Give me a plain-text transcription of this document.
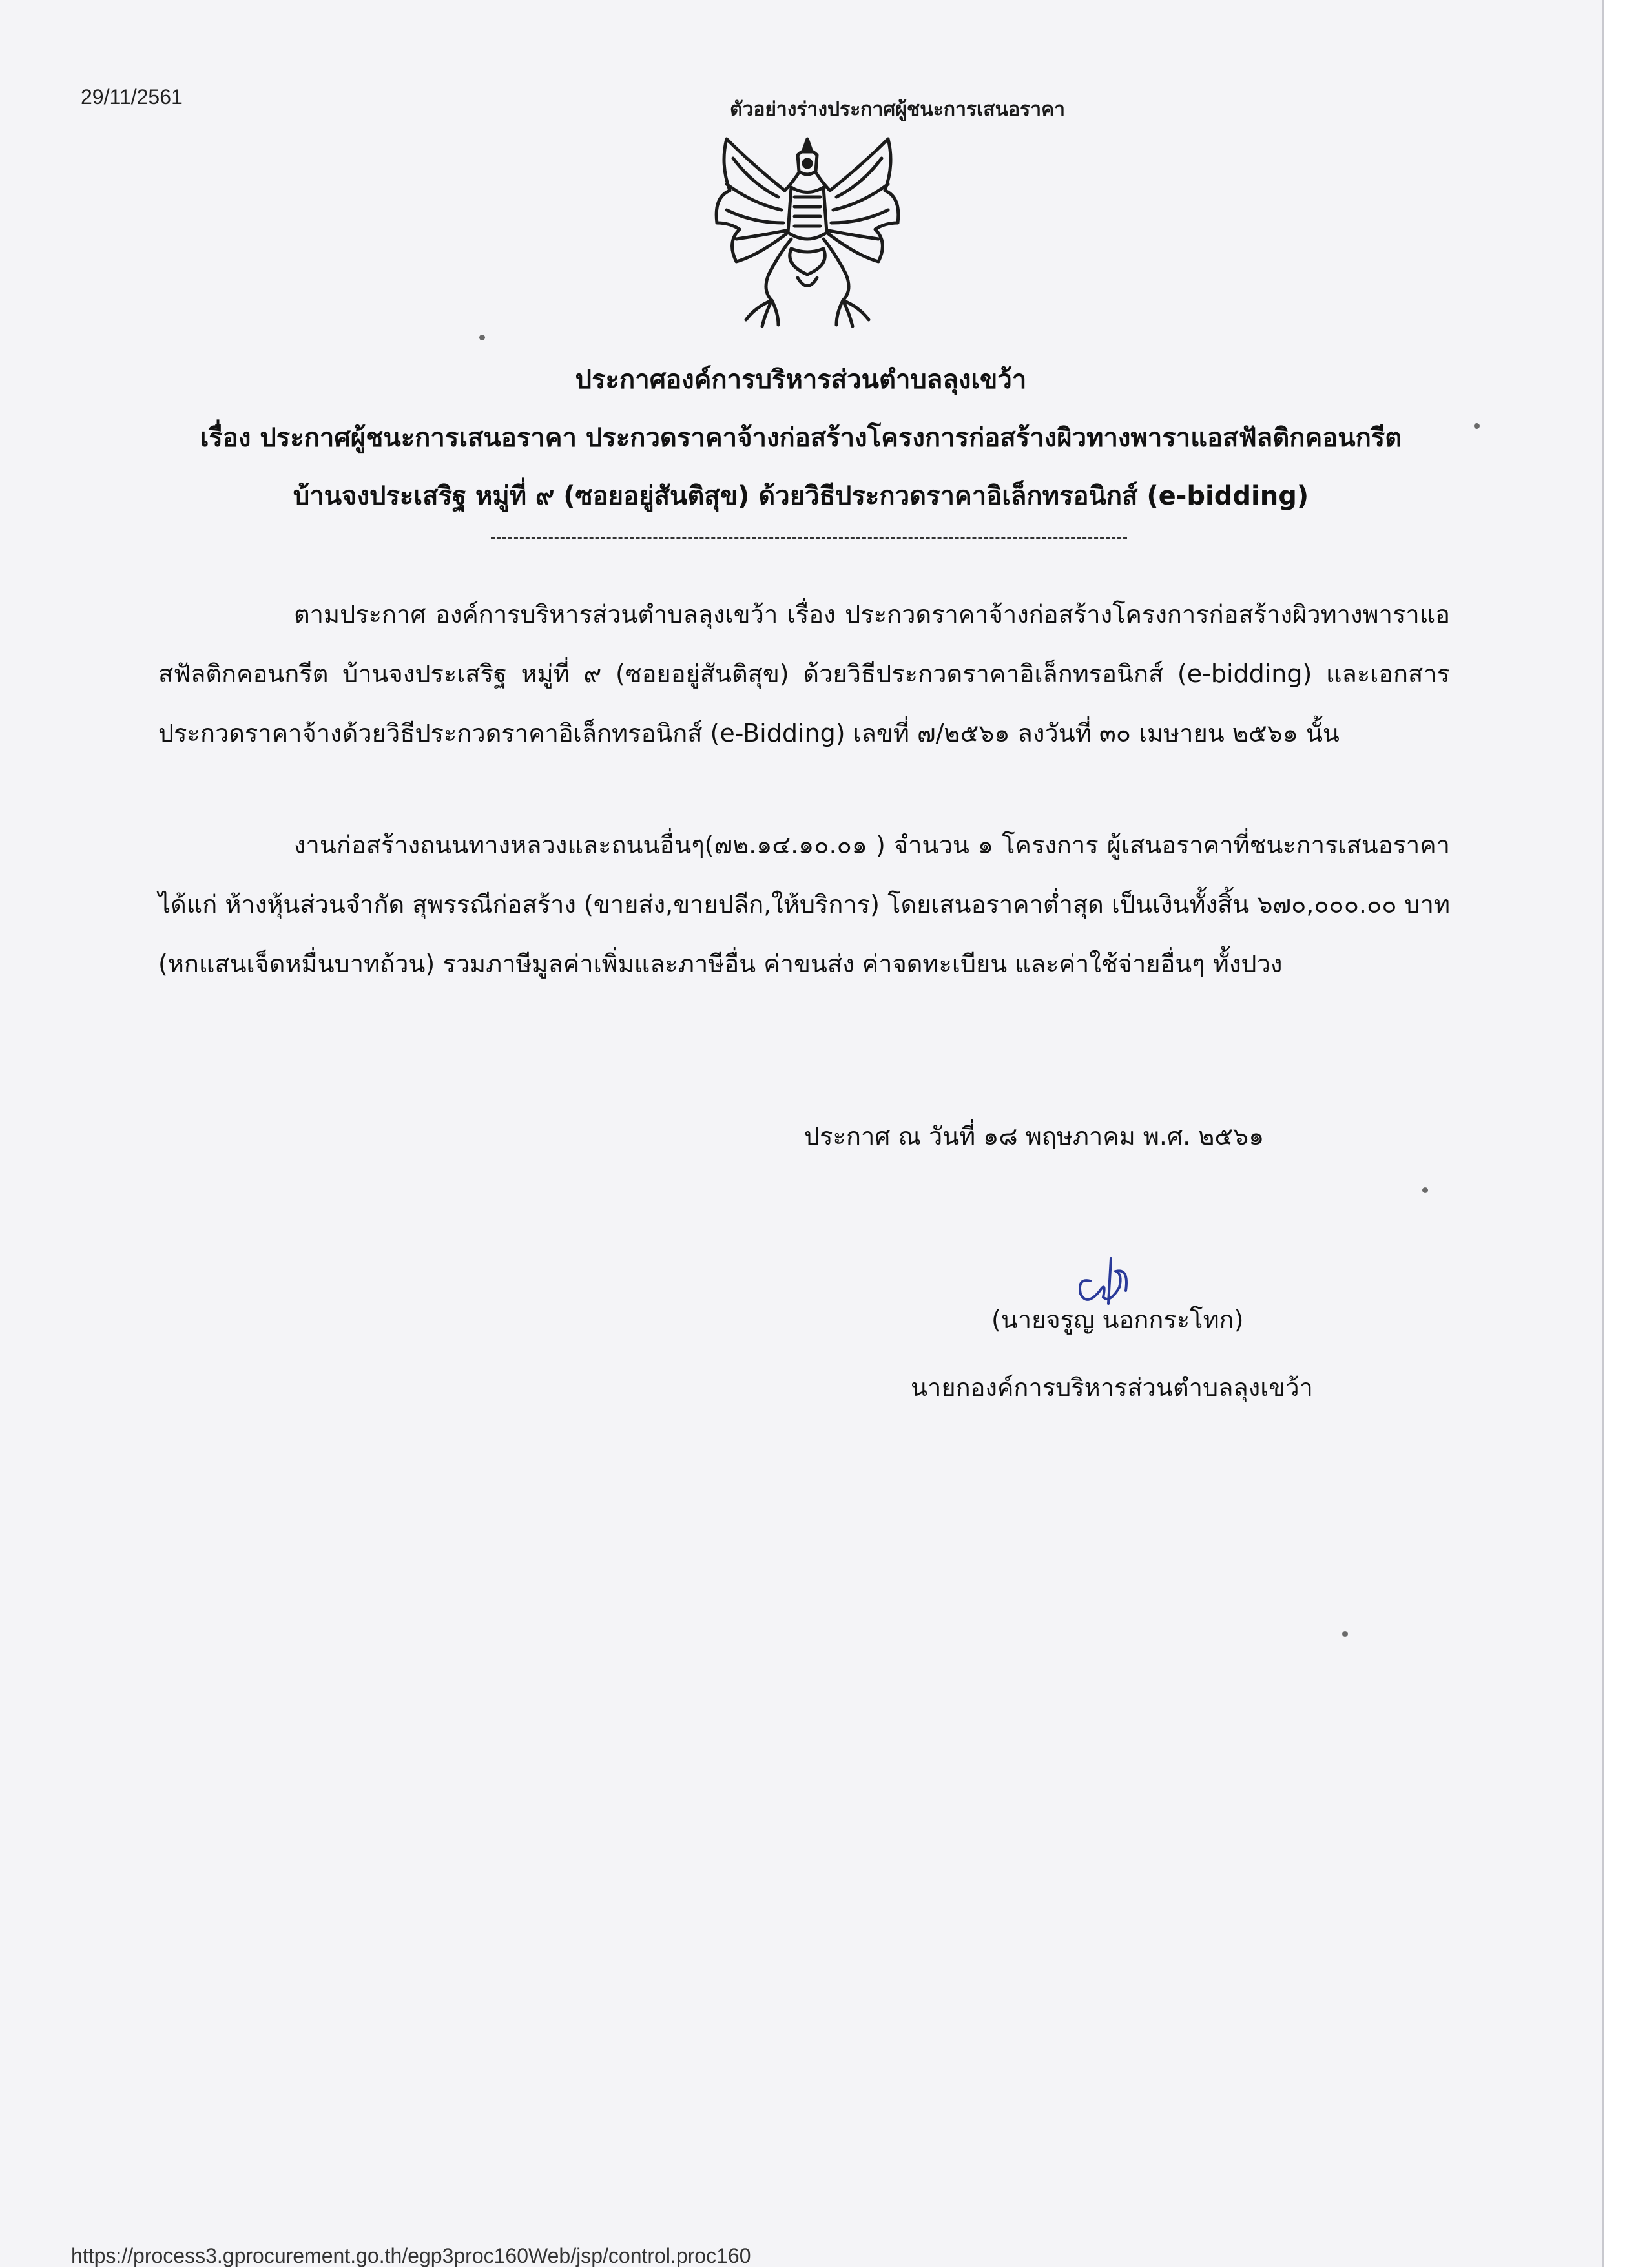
29/11/2561
ตัวอย่างร่างประกาศผู้ชนะการเสนอราคา
ประกาศองค์การบริหารส่วนตำบลลุงเขว้า
เรื่อง ประกาศผู้ชนะการเสนอราคา ประกวดราคาจ้างก่อสร้างโครงการก่อสร้างผิวทางพาราแอสฟัลติกคอนกรีต
บ้านจงประเสริฐ หมู่ที่ ๙ (ซอยอยู่สันติสุข) ด้วยวิธีประกวดราคาอิเล็กทรอนิกส์ (e-bidding)
ตามประกาศ องค์การบริหารส่วนตำบลลุงเขว้า เรื่อง ประกวดราคาจ้างก่อสร้างโครงการก่อสร้างผิวทางพาราแอสฟัลติกคอนกรีต บ้านจงประเสริฐ หมู่ที่ ๙ (ซอยอยู่สันติสุข) ด้วยวิธีประกวดราคาอิเล็กทรอนิกส์ (e-bidding) และเอกสารประกวดราคาจ้างด้วยวิธีประกวดราคาอิเล็กทรอนิกส์ (e-Bidding) เลขที่ ๗/๒๕๖๑ ลงวันที่ ๓๐ เมษายน ๒๕๖๑ นั้น
งานก่อสร้างถนนทางหลวงและถนนอื่นๆ(๗๒.๑๔.๑๐.๐๑ ) จำนวน ๑ โครงการ ผู้เสนอราคาที่ชนะการเสนอราคา ได้แก่ ห้างหุ้นส่วนจำกัด สุพรรณีก่อสร้าง (ขายส่ง,ขายปลีก,ให้บริการ) โดยเสนอราคาต่ำสุด เป็นเงินทั้งสิ้น ๖๗๐,๐๐๐.๐๐ บาท (หกแสนเจ็ดหมื่นบาทถ้วน) รวมภาษีมูลค่าเพิ่มและภาษีอื่น ค่าขนส่ง ค่าจดทะเบียน และค่าใช้จ่ายอื่นๆ ทั้งปวง
ประกาศ ณ วันที่ ๑๘ พฤษภาคม พ.ศ. ๒๕๖๑
(นายจรูญ นอกกระโทก)
นายกองค์การบริหารส่วนตำบลลุงเขว้า
https://process3.gprocurement.go.th/egp3proc160Web/jsp/control.proc160
